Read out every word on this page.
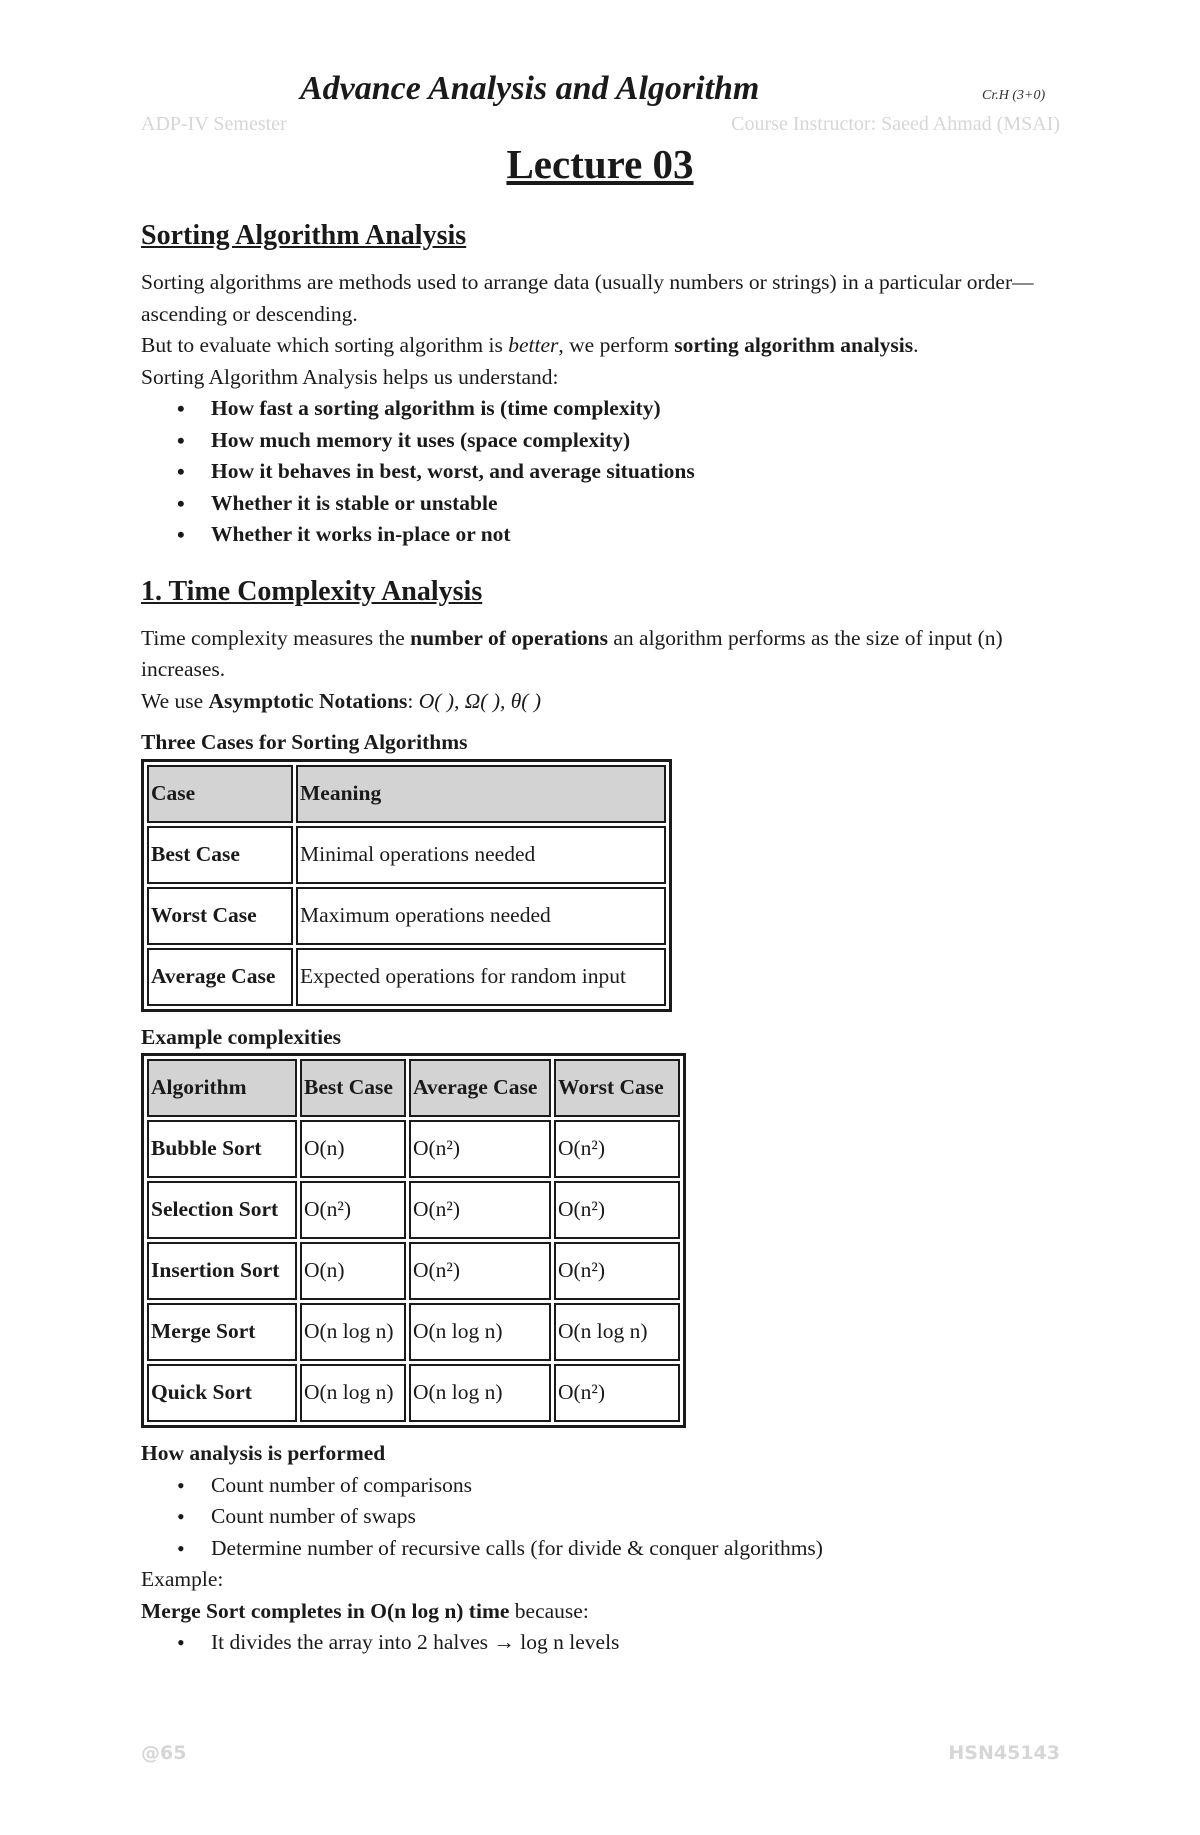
Advance Analysis and Algorithm	Cr.H (3+0)
ADP-IV Semester	Course Instructor: Saeed Ahmad (MSAI)
Lecture 03
Sorting Algorithm Analysis

Sorting algorithms are methods used to arrange data (usually numbers or strings) in a particular order—ascending or descending.

But to evaluate which sorting algorithm is better, we perform sorting algorithm analysis.

Sorting Algorithm Analysis helps us understand:

• How fast a sorting algorithm is (time complexity)
• How much memory it uses (space complexity)
• How it behaves in best, worst, and average situations
• Whether it is stable or unstable
• Whether it works in-place or not
1. Time Complexity Analysis

Time complexity measures the number of operations an algorithm performs as the size of input (n) increases.

We use Asymptotic Notations: O( ), Ω( ), θ( )

Three Cases for Sorting Algorithms

Case	Meaning
Best Case	Minimal operations needed
Worst Case	Maximum operations needed
Average Case	Expected operations for random input

Example complexities

Algorithm	Best Case	Average Case	Worst Case
Bubble Sort	O(n)	O(n²)	O(n²)
Selection Sort	O(n²)	O(n²)	O(n²)
Insertion Sort	O(n)	O(n²)	O(n²)
Merge Sort	O(n log n)	O(n log n)	O(n log n)
Quick Sort	O(n log n)	O(n log n)	O(n²)

How analysis is performed

• Count number of comparisons
• Count number of swaps
• Determine number of recursive calls (for divide & conquer algorithms)

Example:

Merge Sort completes in O(n log n) time because:

• It divides the array into 2 halves → log n levels
@65	HSN45143
